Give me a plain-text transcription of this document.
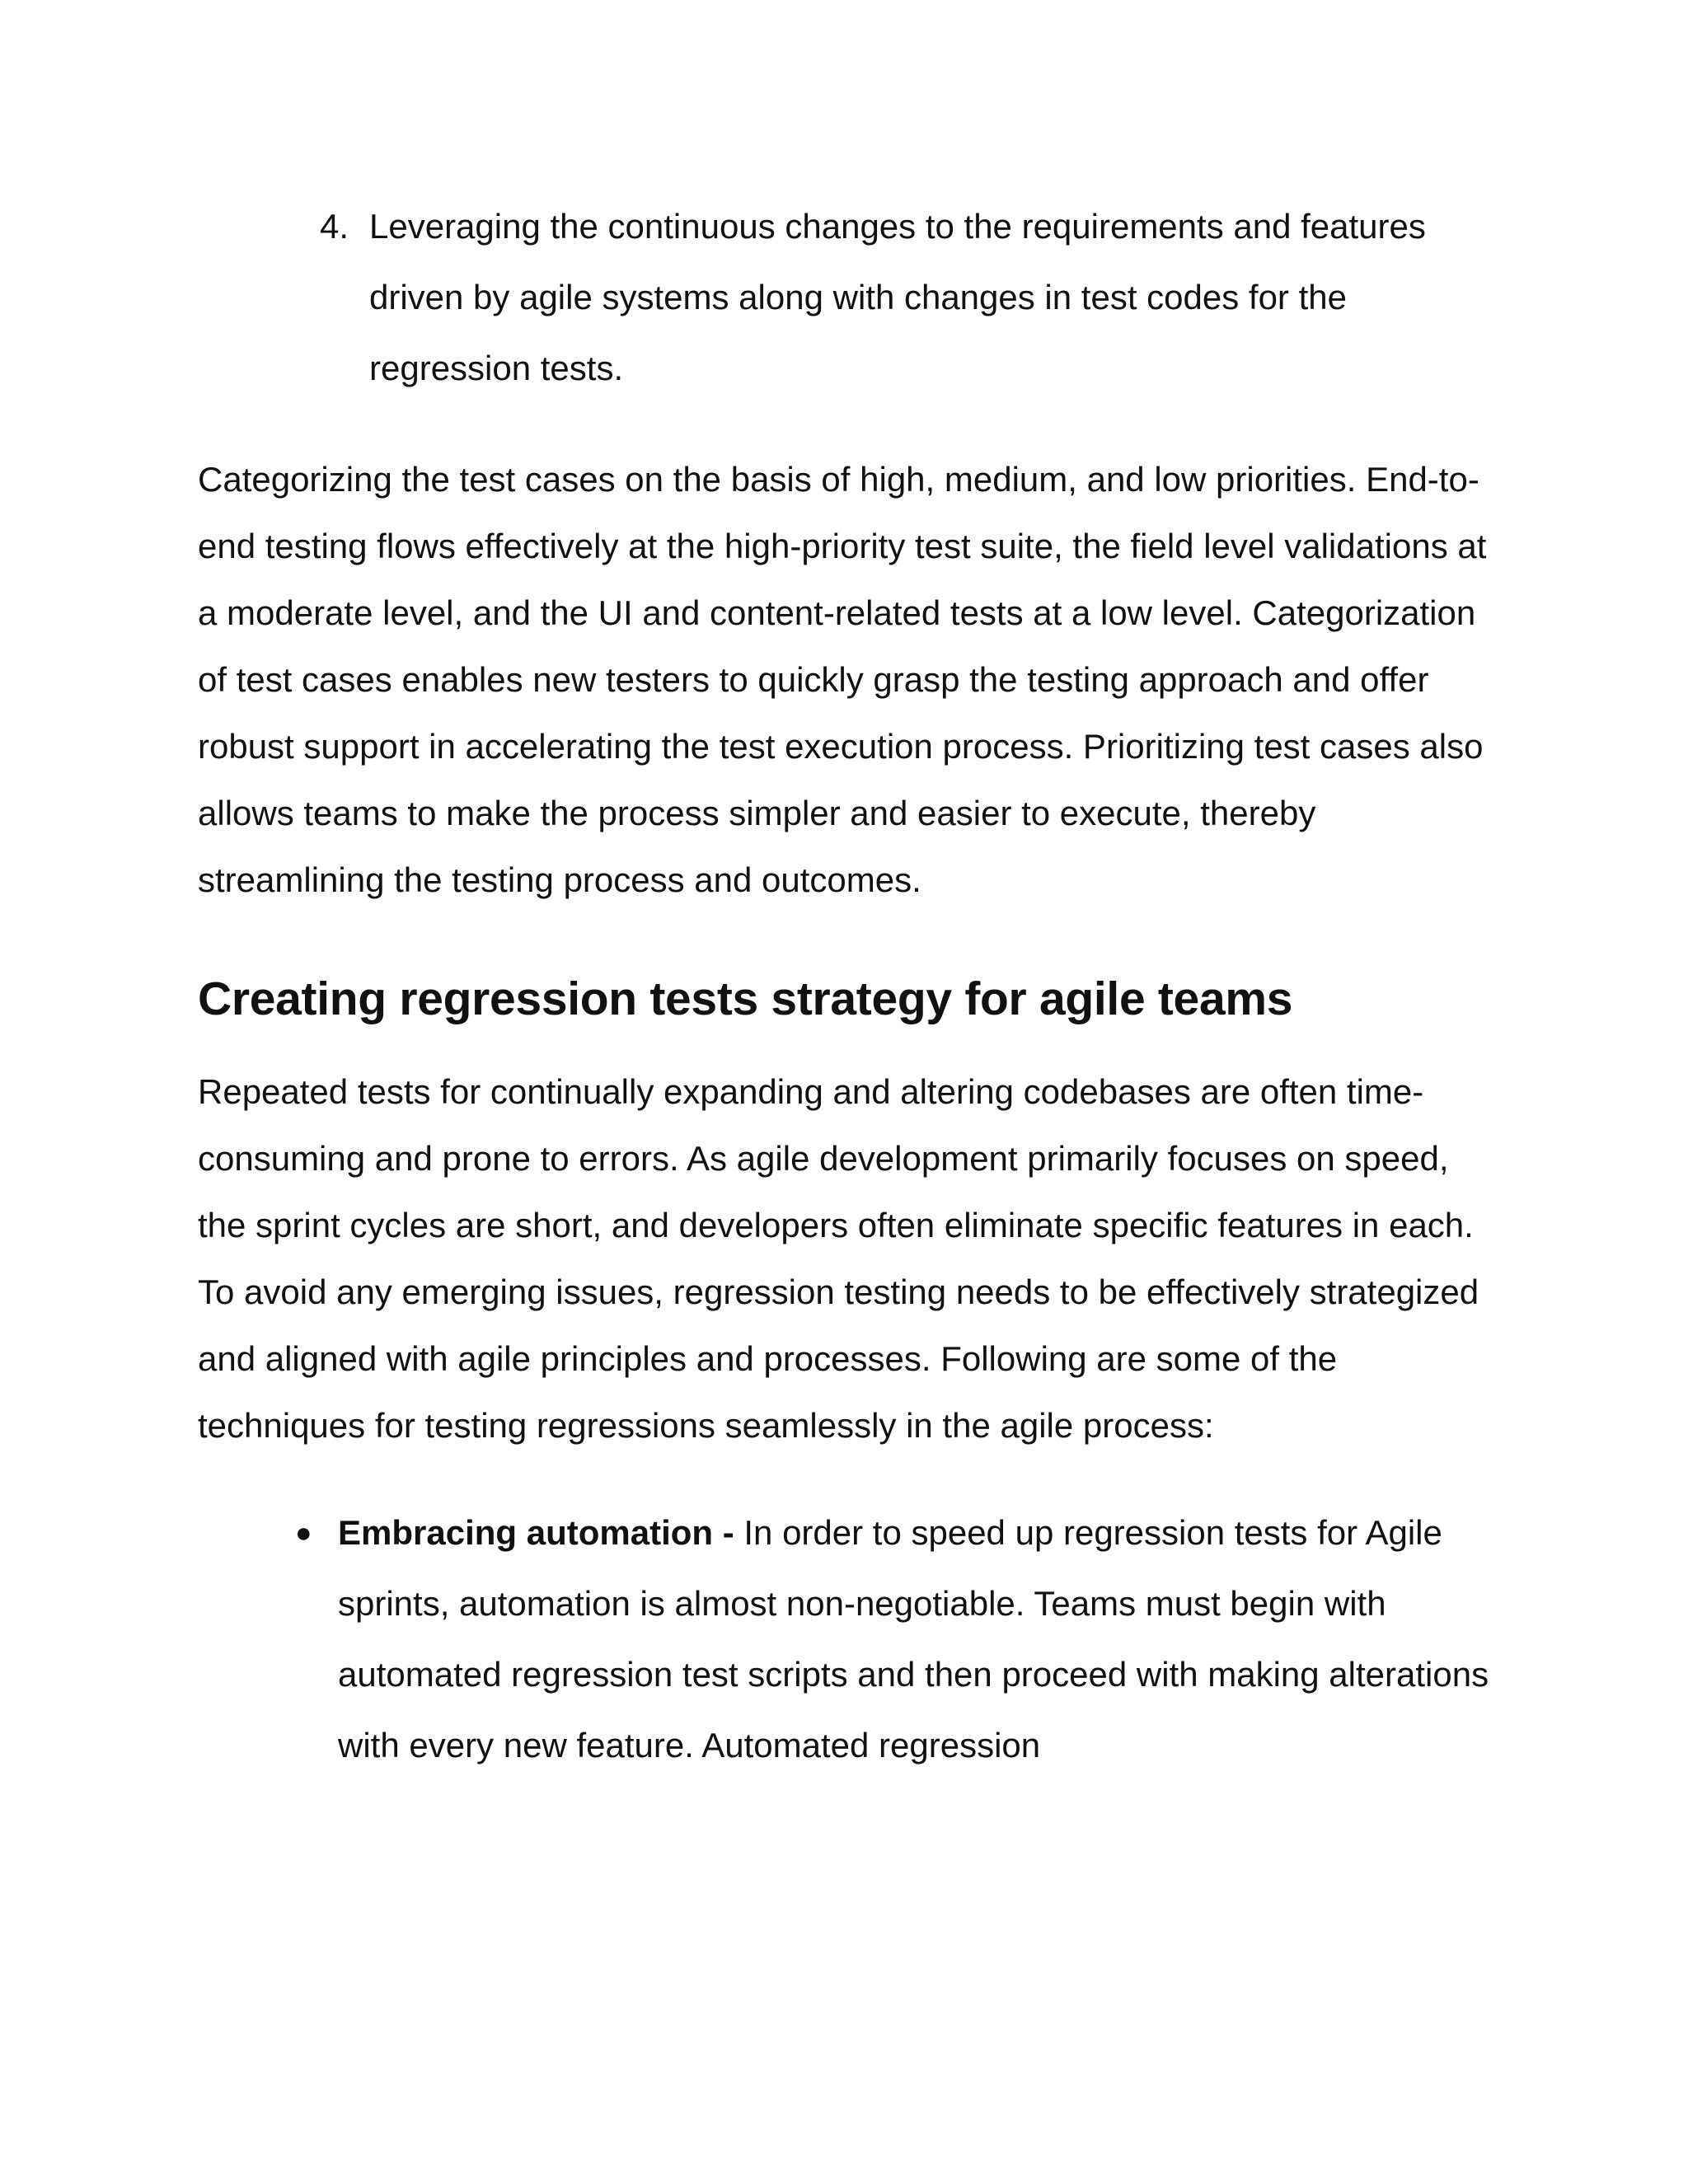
4. Leveraging the continuous changes to the requirements and features driven by agile systems along with changes in test codes for the regression tests.

Categorizing the test cases on the basis of high, medium, and low priorities. End-to-end testing flows effectively at the high-priority test suite, the field level validations at a moderate level, and the UI and content-related tests at a low level. Categorization of test cases enables new testers to quickly grasp the testing approach and offer robust support in accelerating the test execution process. Prioritizing test cases also allows teams to make the process simpler and easier to execute, thereby streamlining the testing process and outcomes.

Creating regression tests strategy for agile teams

Repeated tests for continually expanding and altering codebases are often time-consuming and prone to errors. As agile development primarily focuses on speed, the sprint cycles are short, and developers often eliminate specific features in each. To avoid any emerging issues, regression testing needs to be effectively strategized and aligned with agile principles and processes. Following are some of the techniques for testing regressions seamlessly in the agile process:

● Embracing automation - In order to speed up regression tests for Agile sprints, automation is almost non-negotiable. Teams must begin with automated regression test scripts and then proceed with making alterations with every new feature. Automated regression
